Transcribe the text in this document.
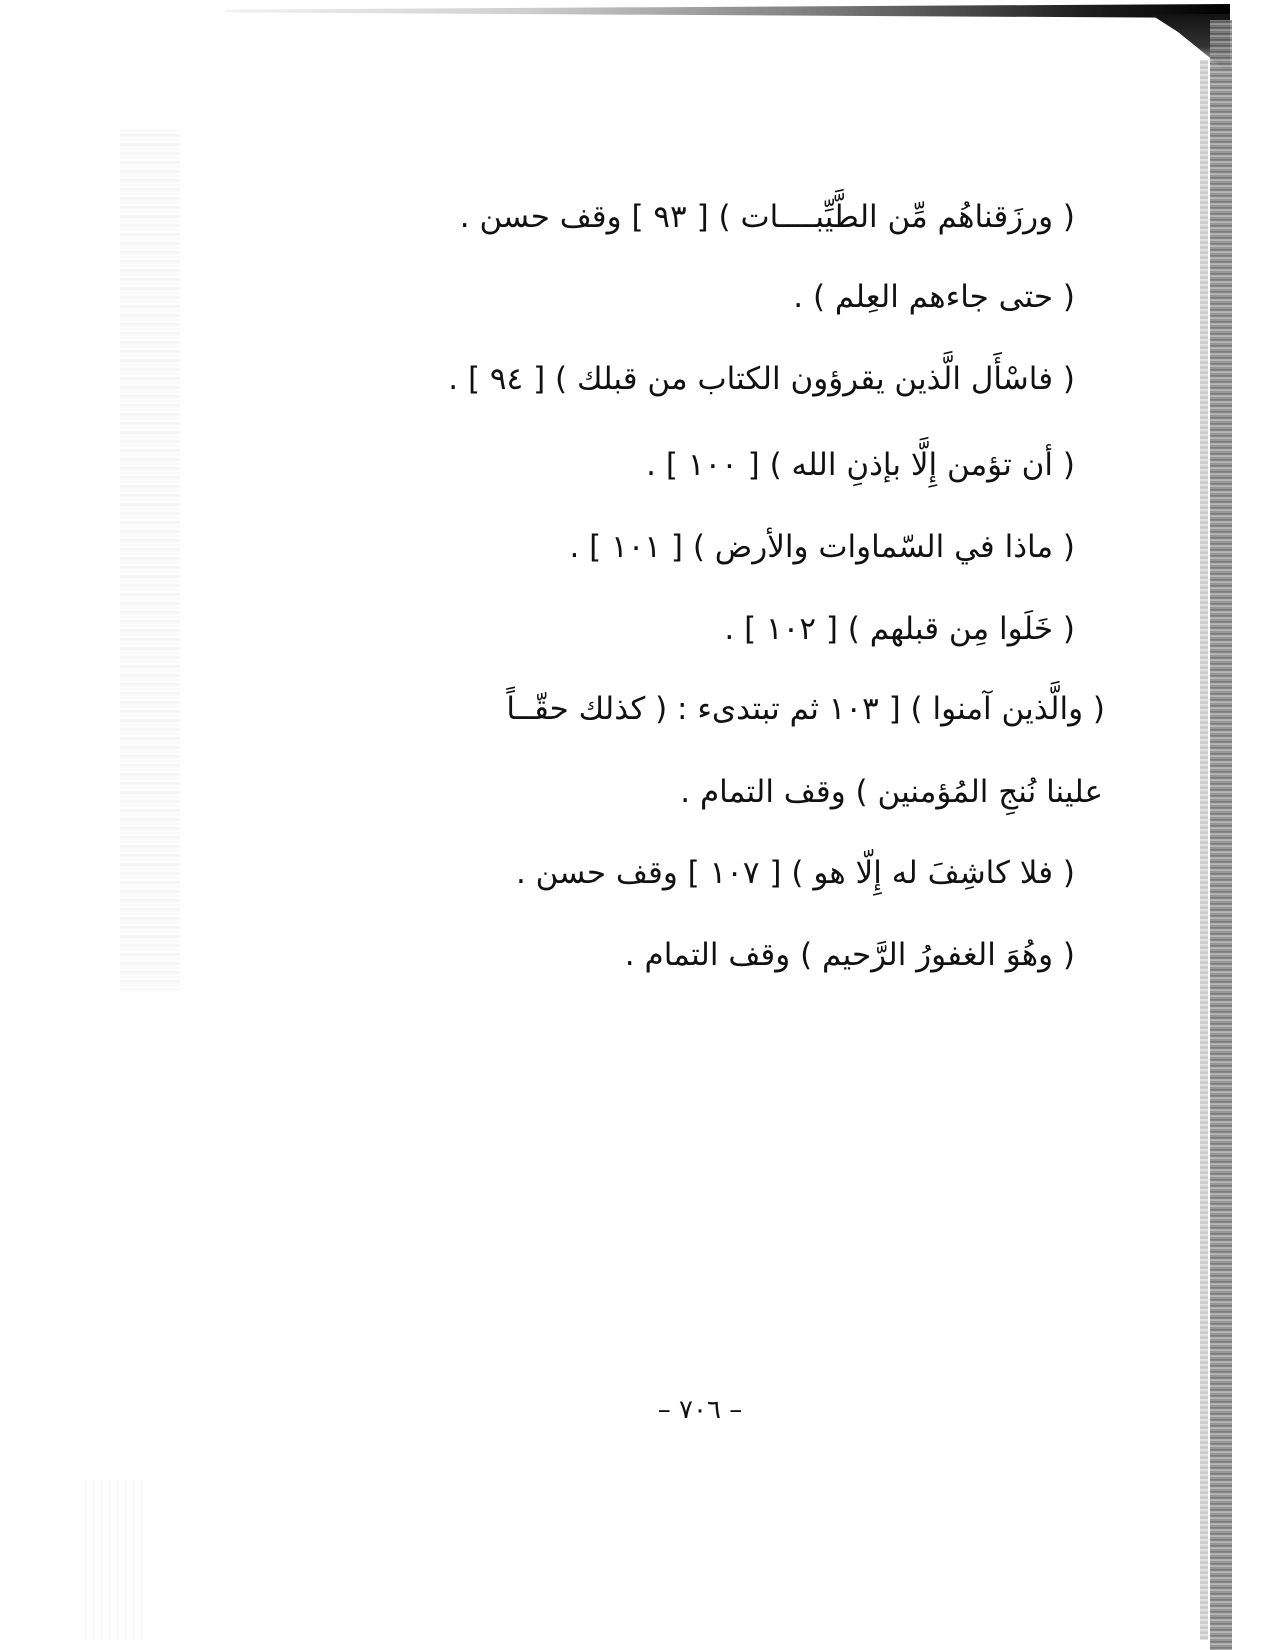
( ورزَقناهُم مِّن الطَّيِّبــــات ) [ ٩٣ ] وقف حسن .
( حتى جاءهم العِلم ) .
( فاسْأَل الَّذين يقرؤون الكتاب من قبلك ) [ ٩٤ ] .
( أن تؤمن إِلَّا بإذنِ الله ) [ ١٠٠ ] .
( ماذا في السّماوات والأرض ) [ ١٠١ ] .
( خَلَوا مِن قبلهم ) [ ١٠٢ ] .
( والَّذين آمنوا ) [ ١٠٣ ثم تبتدىء : ( كذلك حقّــاً
علينا نُنجِ المُؤمنين ) وقف التمام .
( فلا كاشِفَ له إِلّا هو ) [ ١٠٧ ] وقف حسن .
( وهُوَ الغفورُ الرَّحيم ) وقف التمام .
– ٧٠٦ –
